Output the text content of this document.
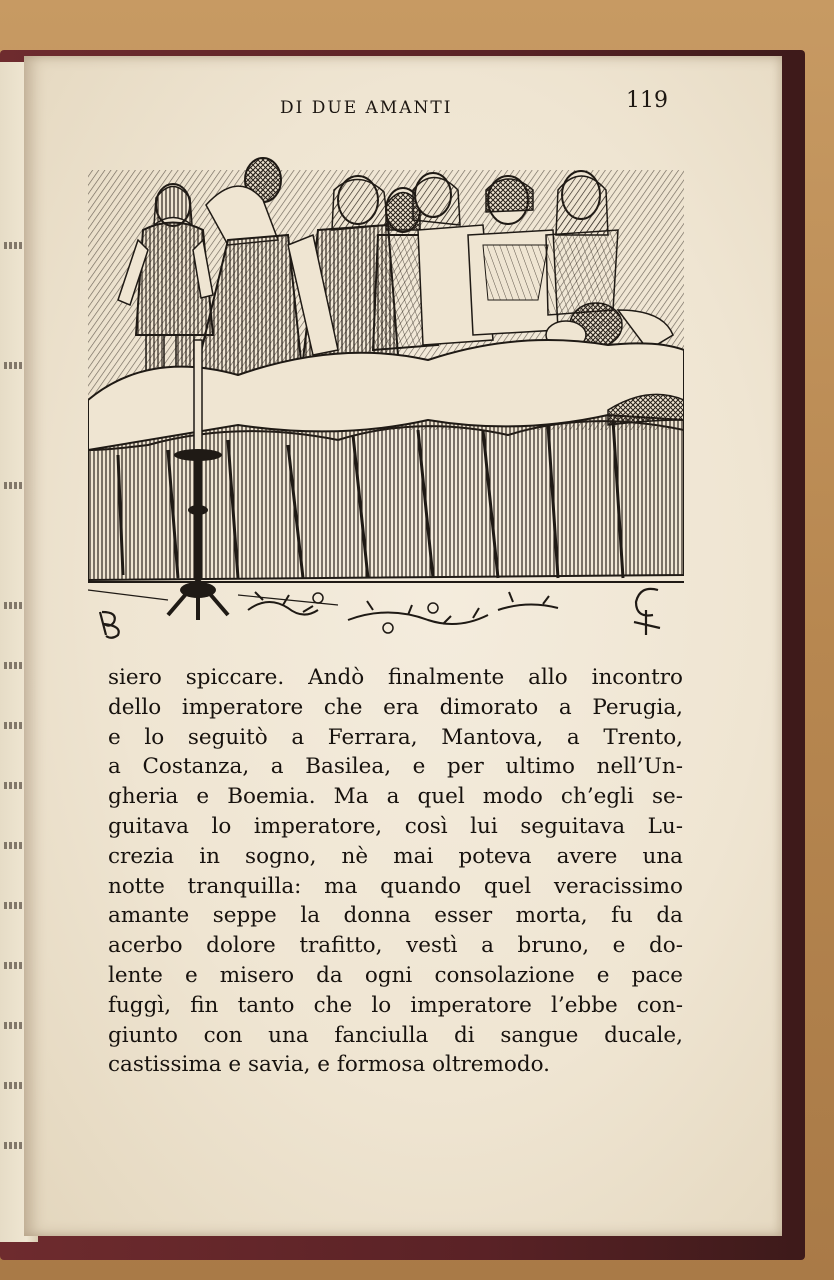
DI DUE AMANTI	119
siero spiccare. Andò finalmente allo incontro
dello imperatore che era dimorato a Perugia,
e lo seguitò a Ferrara, Mantova, a Trento,
a Costanza, a Basilea, e per ultimo nell’Un-
gheria e Boemia. Ma a quel modo ch’egli se-
guitava lo imperatore, così lui seguitava Lu-
crezia in sogno, nè mai poteva avere una
notte tranquilla: ma quando quel veracissimo
amante seppe la donna esser morta, fu da
acerbo dolore trafitto, vestì a bruno, e do-
lente e misero da ogni consolazione e pace
fuggì, fin tanto che lo imperatore l’ebbe con-
giunto con una fanciulla di sangue ducale,
castissima e savia, e formosa oltremodo.
